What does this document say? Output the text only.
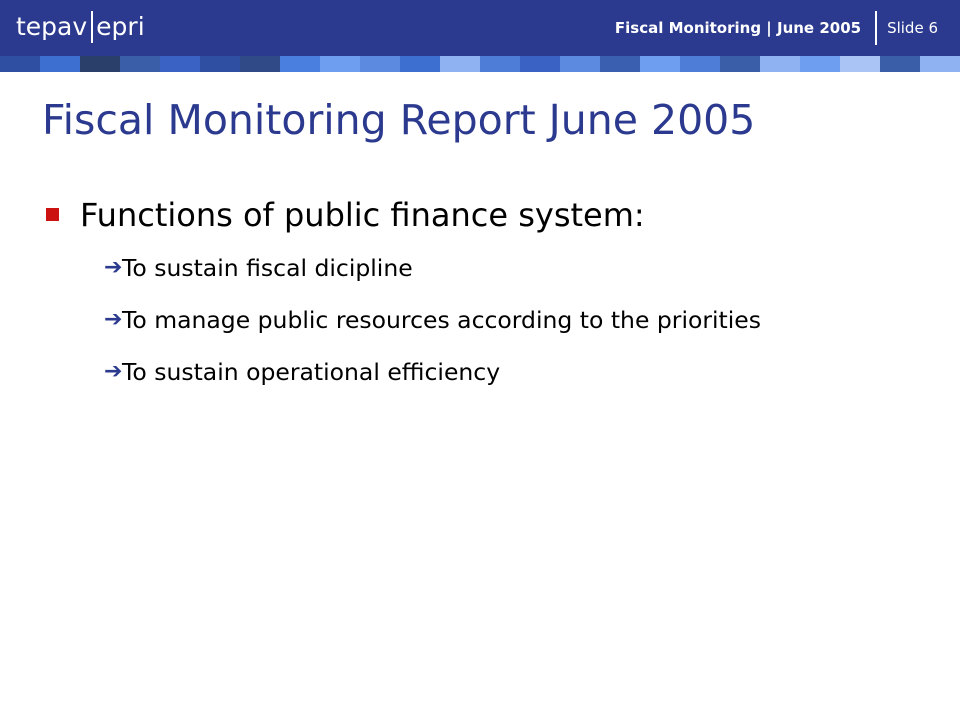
tepav epri	Fiscal Monitoring | June 2005 Slide 6
Fiscal Monitoring Report June 2005
Functions of public finance system:
➔ To sustain fiscal dicipline
➔ To manage public resources according to the priorities
➔ To sustain operational efficiency
